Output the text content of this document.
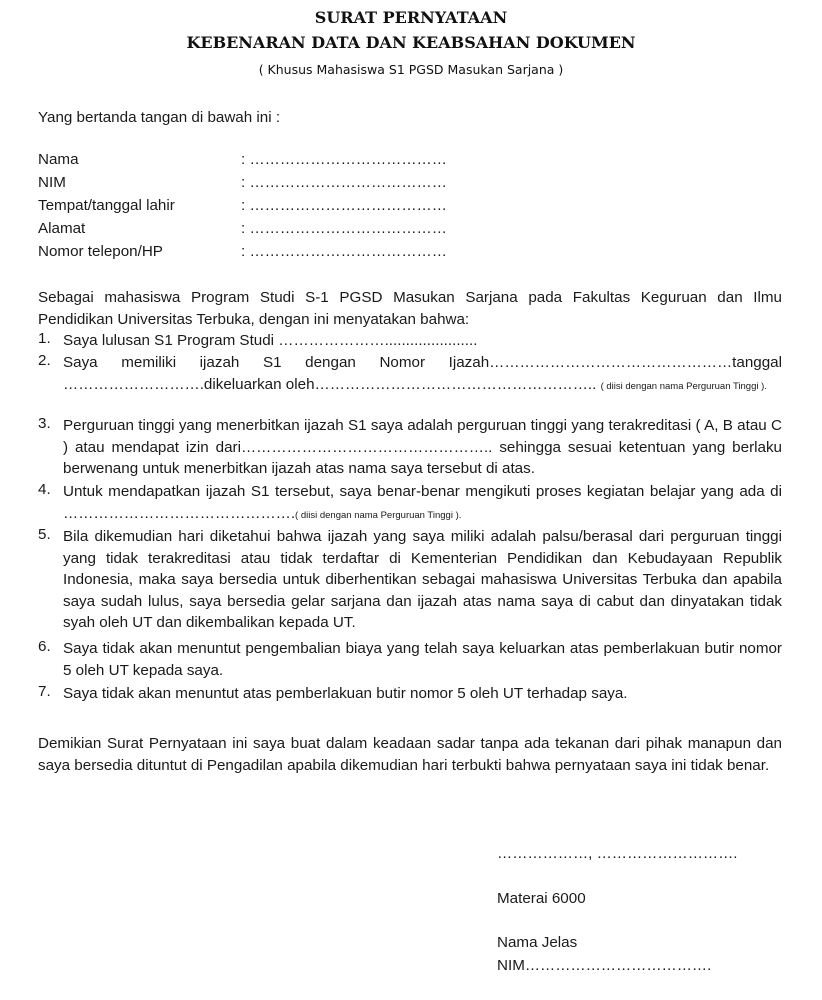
SURAT PERNYATAAN
KEBENARAN DATA DAN KEABSAHAN DOKUMEN
( Khusus Mahasiswa S1 PGSD Masukan Sarjana )
Yang bertanda tangan di bawah ini :
Nama	: …………………………………
NIM	: …………………………………
Tempat/tanggal lahir	: …………………………………
Alamat	: …………………………………
Nomor telepon/HP	: …………………………………
Sebagai mahasiswa Program Studi S-1 PGSD Masukan Sarjana pada Fakultas Keguruan dan Ilmu Pendidikan Universitas Terbuka, dengan ini menyatakan bahwa:
1. Saya lulusan S1 Program Studi …………………......................
2. Saya memiliki ijazah S1 dengan Nomor Ijazah…………………………………………tanggal ……………………….dikeluarkan oleh……………………………………………….. ( diisi dengan nama Perguruan Tinggi ).
3. Perguruan tinggi yang menerbitkan ijazah S1 saya adalah perguruan tinggi yang terakreditasi ( A, B atau C ) atau mendapat izin dari………………………………………….. sehingga sesuai ketentuan yang berlaku berwenang untuk menerbitkan ijazah atas nama saya tersebut di atas.
4. Untuk mendapatkan ijazah S1 tersebut, saya benar-benar mengikuti proses kegiatan belajar yang ada di ……………………………………….( diisi dengan nama Perguruan Tinggi ).
5. Bila dikemudian hari diketahui bahwa ijazah yang saya miliki adalah palsu/berasal dari perguruan tinggi yang tidak terakreditasi atau tidak terdaftar di Kementerian Pendidikan dan Kebudayaan Republik Indonesia, maka saya bersedia untuk diberhentikan sebagai mahasiswa Universitas Terbuka dan apabila saya sudah lulus, saya bersedia gelar sarjana dan ijazah atas nama saya di cabut dan dinyatakan tidak syah oleh UT dan dikembalikan kepada UT.
6. Saya tidak akan menuntut pengembalian biaya yang telah saya keluarkan atas pemberlakuan butir nomor 5 oleh UT kepada saya.
7. Saya tidak akan menuntut atas pemberlakuan butir nomor 5 oleh UT terhadap saya.
Demikian Surat Pernyataan ini saya buat dalam keadaan sadar tanpa ada tekanan dari pihak manapun dan saya bersedia dituntut di Pengadilan apabila dikemudian hari terbukti bahwa pernyataan saya ini tidak benar.
………………, ……………………….
Materai 6000
Nama Jelas
NIM……………………………….
